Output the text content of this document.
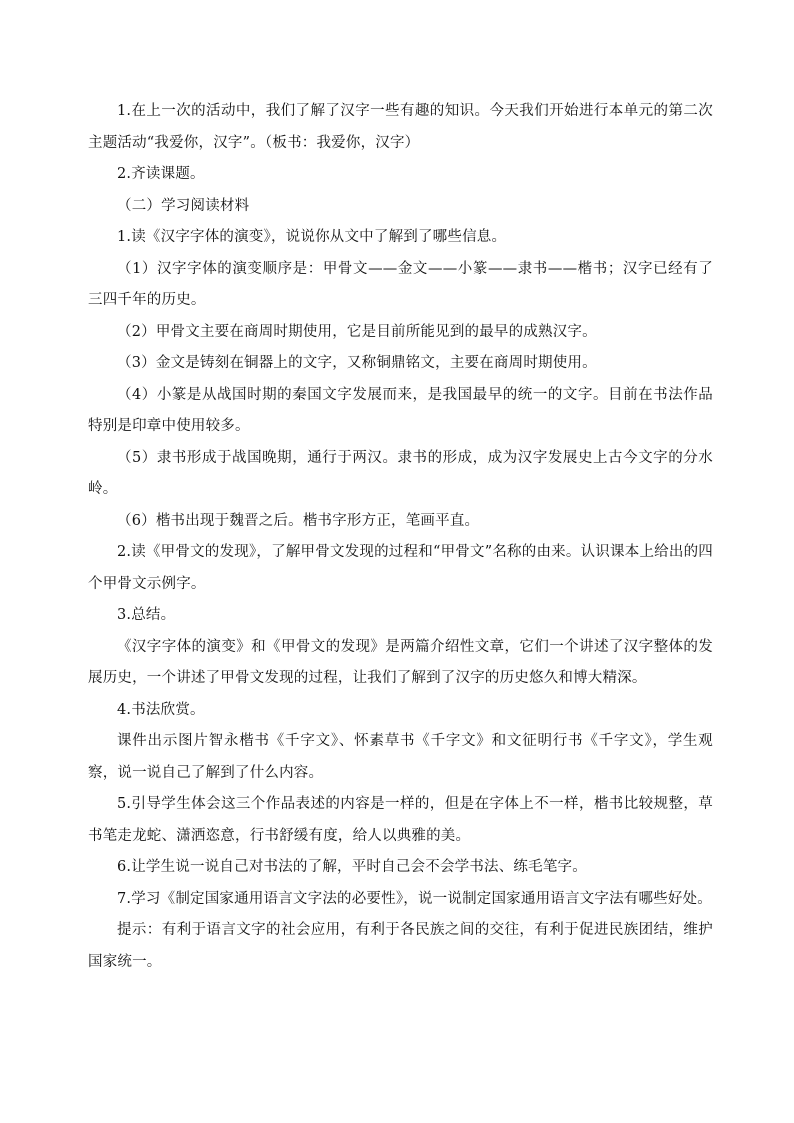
1.在上一次的活动中，我们了解了汉字一些有趣的知识。今天我们开始进行本单元的第二次主题活动“我爱你，汉字”。（板书：我爱你，汉字）

2.齐读课题。

（二）学习阅读材料

1.读《汉字字体的演变》，说说你从文中了解到了哪些信息。

（1）汉字字体的演变顺序是：甲骨文——金文——小篆——隶书——楷书；汉字已经有了三四千年的历史。

（2）甲骨文主要在商周时期使用，它是目前所能见到的最早的成熟汉字。

（3）金文是铸刻在铜器上的文字，又称铜鼎铭文，主要在商周时期使用。

（4）小篆是从战国时期的秦国文字发展而来，是我国最早的统一的文字。目前在书法作品特别是印章中使用较多。

（5）隶书形成于战国晚期，通行于两汉。隶书的形成，成为汉字发展史上古今文字的分水岭。

（6）楷书出现于魏晋之后。楷书字形方正，笔画平直。

2.读《甲骨文的发现》，了解甲骨文发现的过程和“甲骨文”名称的由来。认识课本上给出的四个甲骨文示例字。

3.总结。

《汉字字体的演变》和《甲骨文的发现》是两篇介绍性文章，它们一个讲述了汉字整体的发展历史，一个讲述了甲骨文发现的过程，让我们了解到了汉字的历史悠久和博大精深。

4.书法欣赏。

课件出示图片智永楷书《千字文》、怀素草书《千字文》和文征明行书《千字文》，学生观察，说一说自己了解到了什么内容。

5.引导学生体会这三个作品表述的内容是一样的，但是在字体上不一样，楷书比较规整，草书笔走龙蛇、潇洒恣意，行书舒缓有度，给人以典雅的美。

6.让学生说一说自己对书法的了解，平时自己会不会学书法、练毛笔字。

7.学习《制定国家通用语言文字法的必要性》，说一说制定国家通用语言文字法有哪些好处。

提示：有利于语言文字的社会应用，有利于各民族之间的交往，有利于促进民族团结，维护国家统一。
